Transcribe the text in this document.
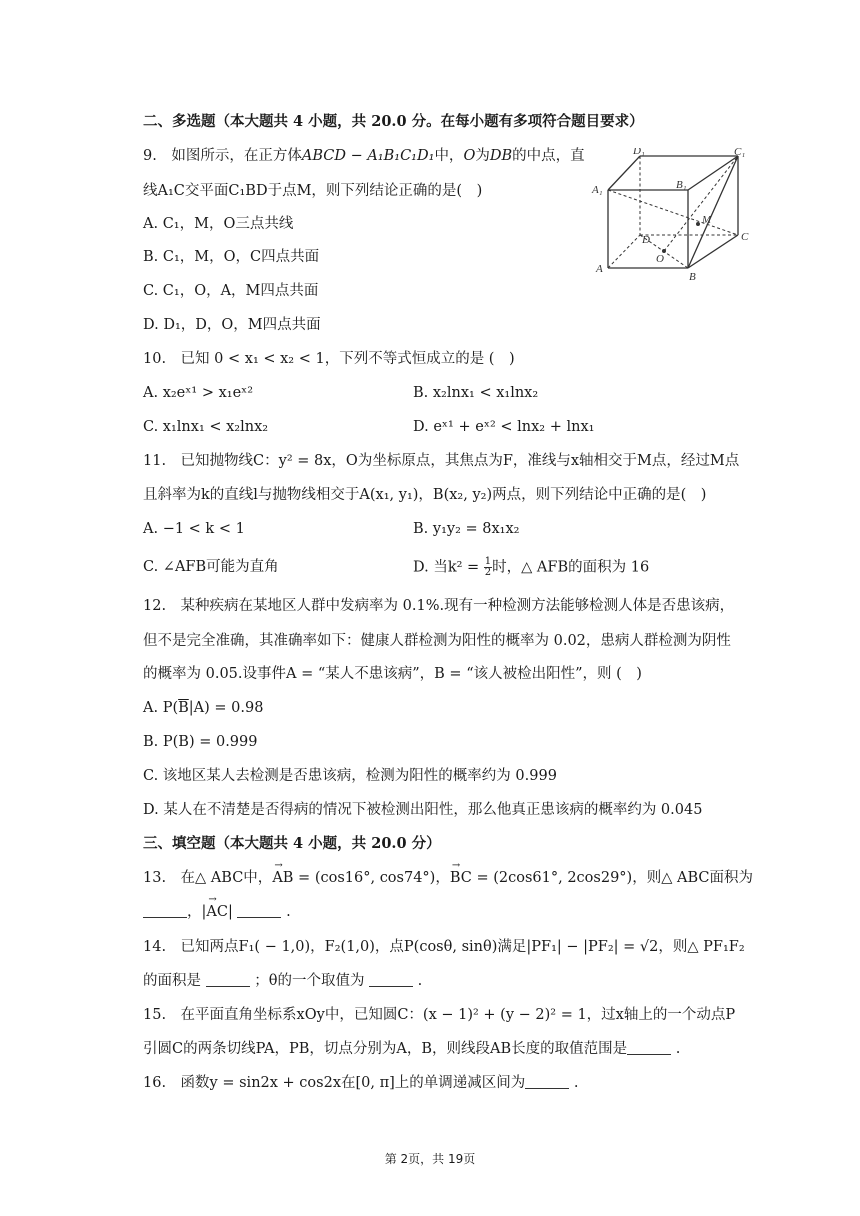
二、多选题（本大题共 4 小题，共 20.0 分。在每小题有多项符合题目要求）
9.　如图所示，在正方体ABCD − A₁B₁C₁D₁中，O为DB的中点，直
线A₁C交平面C₁BD于点M，则下列结论正确的是(　)
A. C₁，M，O三点共线
B. C₁，M，O，C四点共面
C. C₁，O，A，M四点共面
D. D₁，D，O，M四点共面
D₁	C₁
A₁	B₁
M
D	C
O
A
B
10.　已知 0 < x₁ < x₂ < 1，下列不等式恒成立的是 (　)
A. x₂eˣ¹ > x₁eˣ²	B. x₂lnx₁ < x₁lnx₂
C. x₁lnx₁ < x₂lnx₂	D. eˣ¹ + eˣ² < lnx₂ + lnx₁
11.　已知抛物线C：y² = 8x，O为坐标原点，其焦点为F，准线与x轴相交于M点，经过M点
且斜率为k的直线l与抛物线相交于A(x₁, y₁)，B(x₂, y₂)两点，则下列结论中正确的是(　)
A. −1 < k < 1	B. y₁y₂ = 8x₁x₂
C. ∠AFB可能为直角	D. 当$k^2 = \frac{1}{2}$ 时，△ AFB的面积为 16
12.　某种疾病在某地区人群中发病率为 0.1%.现有一种检测方法能够检测人体是否患该病，
但不是完全准确，其准确率如下：健康人群检测为阳性的概率为 0.02，患病人群检测为阴性
的概率为 0.05.设事件A = “某人不患该病”，B = “该人被检出阳性”，则 (　)
A. $P(\overline{B}|A) = 0.98$
B. P(B) = 0.999
C. 该地区某人去检测是否患该病，检测为阳性的概率约为 0.999
D. 某人在不清楚是否得病的情况下被检测出阳性，那么他真正患该病的概率约为 0.045
三、填空题（本大题共 4 小题，共 20.0 分）
13.　在△ ABC中，→ AB = (cos16°, cos74°)，→ BC = (2cos61°, 2cos29°)，则△ ABC面积为
，|→ AC|	.
14.　已知两点F₁( − 1,0)，F₂(1,0)，点P(cosθ, sinθ)满足|PF₁| − |PF₂| = √2，则△ PF₁F₂
的面积是	；θ的一个取值为	.
15.　在平面直角坐标系xOy中，已知圆C：(x − 1)² + (y − 2)² = 1，过x轴上的一个动点P
引圆C的两条切线PA，PB，切点分别为A，B，则线段AB长度的取值范围是	.
16.　函数y = sin2x + cos2x在[0, π]上的单调递减区间为	.
第 2页，共 19页
